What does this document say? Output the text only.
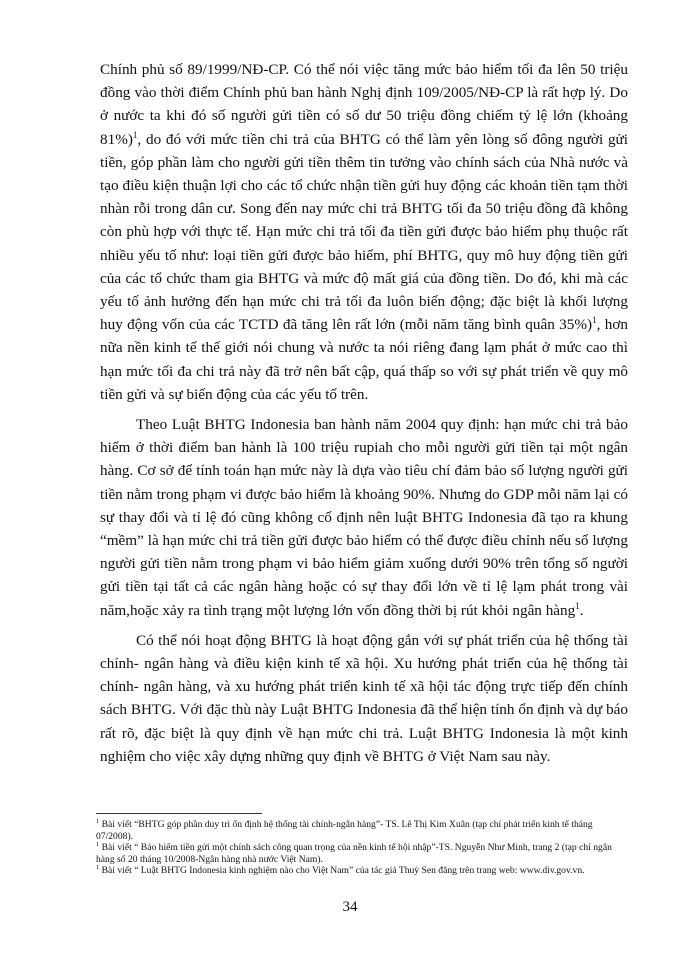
Chính phủ số 89/1999/NĐ-CP. Có thể nói việc tăng mức bảo hiểm tối đa lên 50 triệu đồng vào thời điểm Chính phủ ban hành Nghị định 109/2005/NĐ-CP là rất hợp lý. Do ở nước ta khi đó số người gửi tiền có số dư 50 triệu đồng chiếm tỷ lệ lớn (khoảng 81%)$^1$, do đó với mức tiền chi trả của BHTG có thể làm yên lòng số đông người gửi tiền, góp phần làm cho người gửi tiền thêm tin tưởng vào chính sách của Nhà nước và tạo điều kiện thuận lợi cho các tổ chức nhận tiền gửi huy động các khoản tiền tạm thời nhàn rỗi trong dân cư. Song đến nay mức chi trả BHTG tối đa 50 triệu đồng đã không còn phù hợp với thực tế. Hạn mức chi trả tối đa tiền gửi được bảo hiểm phụ thuộc rất nhiều yếu tố như: loại tiền gửi được bảo hiểm, phí BHTG, quy mô huy động tiền gửi của các tổ chức tham gia BHTG và mức độ mất giá của đồng tiền. Do đó, khi mà các yếu tố ảnh hưởng đến hạn mức chi trả tối đa luôn biến động; đặc biệt là khối lượng huy động vốn của các TCTD đã tăng lên rất lớn (mỗi năm tăng bình quân 35%)$^1$, hơn nữa nền kinh tế thế giới nói chung và nước ta nói riêng đang lạm phát ở mức cao thì hạn mức tối đa chi trả này đã trở nên bất cập, quá thấp so với sự phát triển về quy mô tiền gửi và sự biến động của các yếu tố trên.

Theo Luật BHTG Indonesia ban hành năm 2004 quy định: hạn mức chi trả bảo hiểm ở thời điểm ban hành là 100 triệu rupiah cho mỗi người gửi tiền tại một ngân hàng. Cơ sở để tính toán hạn mức này là dựa vào tiêu chí đảm bảo số lượng người gửi tiền nằm trong phạm vi được bảo hiểm là khoảng 90%. Nhưng do GDP mỗi năm lại có sự thay đổi và tỉ lệ đó cũng không cố định nên luật BHTG Indonesia đã tạo ra khung “mềm” là hạn mức chi trả tiền gửi được bảo hiểm có thể được điều chỉnh nếu số lượng người gửi tiền nằm trong phạm vi bảo hiểm giảm xuống dưới 90% trên tổng số người gửi tiền tại tất cả các ngân hàng hoặc có sự thay đổi lớn về tỉ lệ lạm phát trong vài năm,hoặc xảy ra tình trạng một lượng lớn vốn đồng thời bị rút khỏi ngân hàng$^1$.

Có thể nói hoạt động BHTG là hoạt động gắn với sự phát triển của hệ thống tài chính- ngân hàng và điều kiện kinh tế xã hội. Xu hướng phát triển của hệ thống tài chính- ngân hàng, và xu hướng phát triển kinh tế xã hội tác động trực tiếp đến chính sách BHTG. Với đặc thù này Luật BHTG Indonesia đã thể hiện tính ổn định và dự báo rất rõ, đặc biệt là quy định về hạn mức chi trả. Luật BHTG Indonesia là một kinh nghiệm cho việc xây dựng những quy định về BHTG ở Việt Nam sau này.

$^1$ Bài viết “BHTG góp phần duy trì ổn định hệ thống tài chính-ngân hàng”- TS. Lê Thị Kim Xuân (tạp chí phát triển kinh tế tháng 07/2008).

$^1$ Bài viết “ Bảo hiểm tiền gửi một chính sách công quan trọng của nền kinh tế hội nhập”-TS. Nguyễn Như Minh, trang 2 (tạp chí ngân hàng số 20 tháng 10/2008-Ngân hàng nhà nước Việt Nam).

$^1$ Bài viết “ Luật BHTG Indonesia kinh nghiệm nào cho Việt Nam” của tác giả Thuỳ Sen đăng trên trang web: www.div.gov.vn.

34
